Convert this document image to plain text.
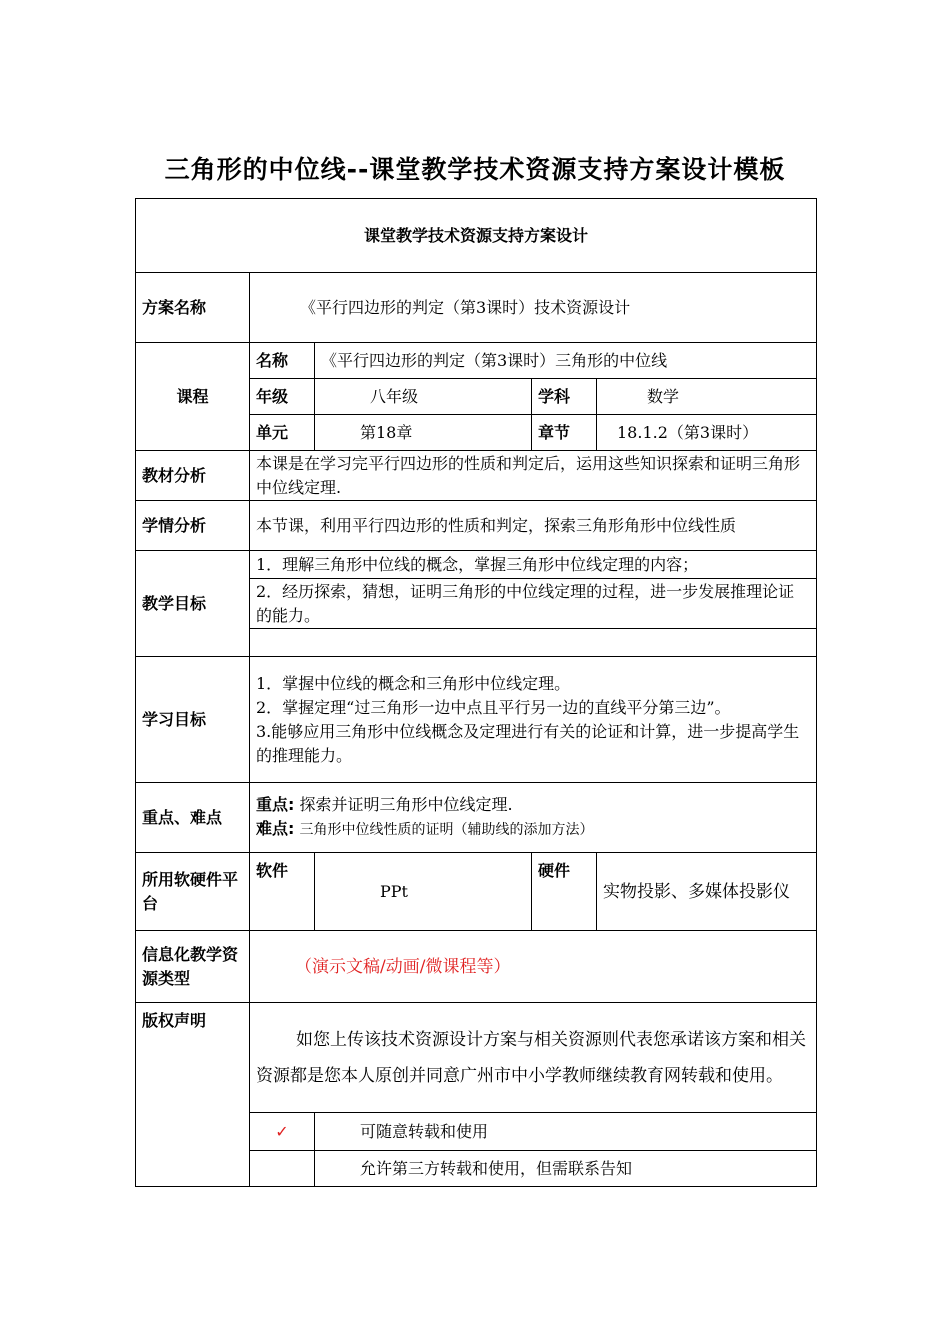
三角形的中位线--课堂教学技术资源支持方案设计模板
课堂教学技术资源支持方案设计				
方案名称	《平行四边形的判定（第3课时）技术资源设计			
课程	名称	《平行四边形的判定（第3课时）三角形的中位线		
	年级	八年级	学科	数学
	单元	第18章	章节	18.1.2（第3课时）
教材分析	本课是在学习完平行四边形的性质和判定后，运用这些知识探索和证明三角形中位线定理.			
学情分析	本节课，利用平行四边形的性质和判定，探索三角形角形中位线性质			
教学目标	1．理解三角形中位线的概念，掌握三角形中位线定理的内容；			
	2．经历探索，猜想，证明三角形的中位线定理的过程，进一步发展推理论证的能力。			

学习目标	1．掌握中位线的概念和三角形中位线定理。
2．掌握定理“过三角形一边中点且平行另一边的直线平分第三边”。
3.能够应用三角形中位线概念及定理进行有关的论证和计算，进一步提高学生的推理能力。			

重点、难点	重点: 探索并证明三角形中位线定理.
难点: 三角形中位线性质的证明（辅助线的添加方法）			

所用软硬件平台	软件	PPt	硬件	实物投影、多媒体投影仪
信息化教学资源类型	（演示文稿/动画/微课程等）			
版权声明	如您上传该技术资源设计方案与相关资源则代表您承诺该方案和相关资源都是您本人原创并同意广州市中小学教师继续教育网转载和使用。			
	✓	可随意转载和使用		
		允许第三方转载和使用，但需联系告知		
